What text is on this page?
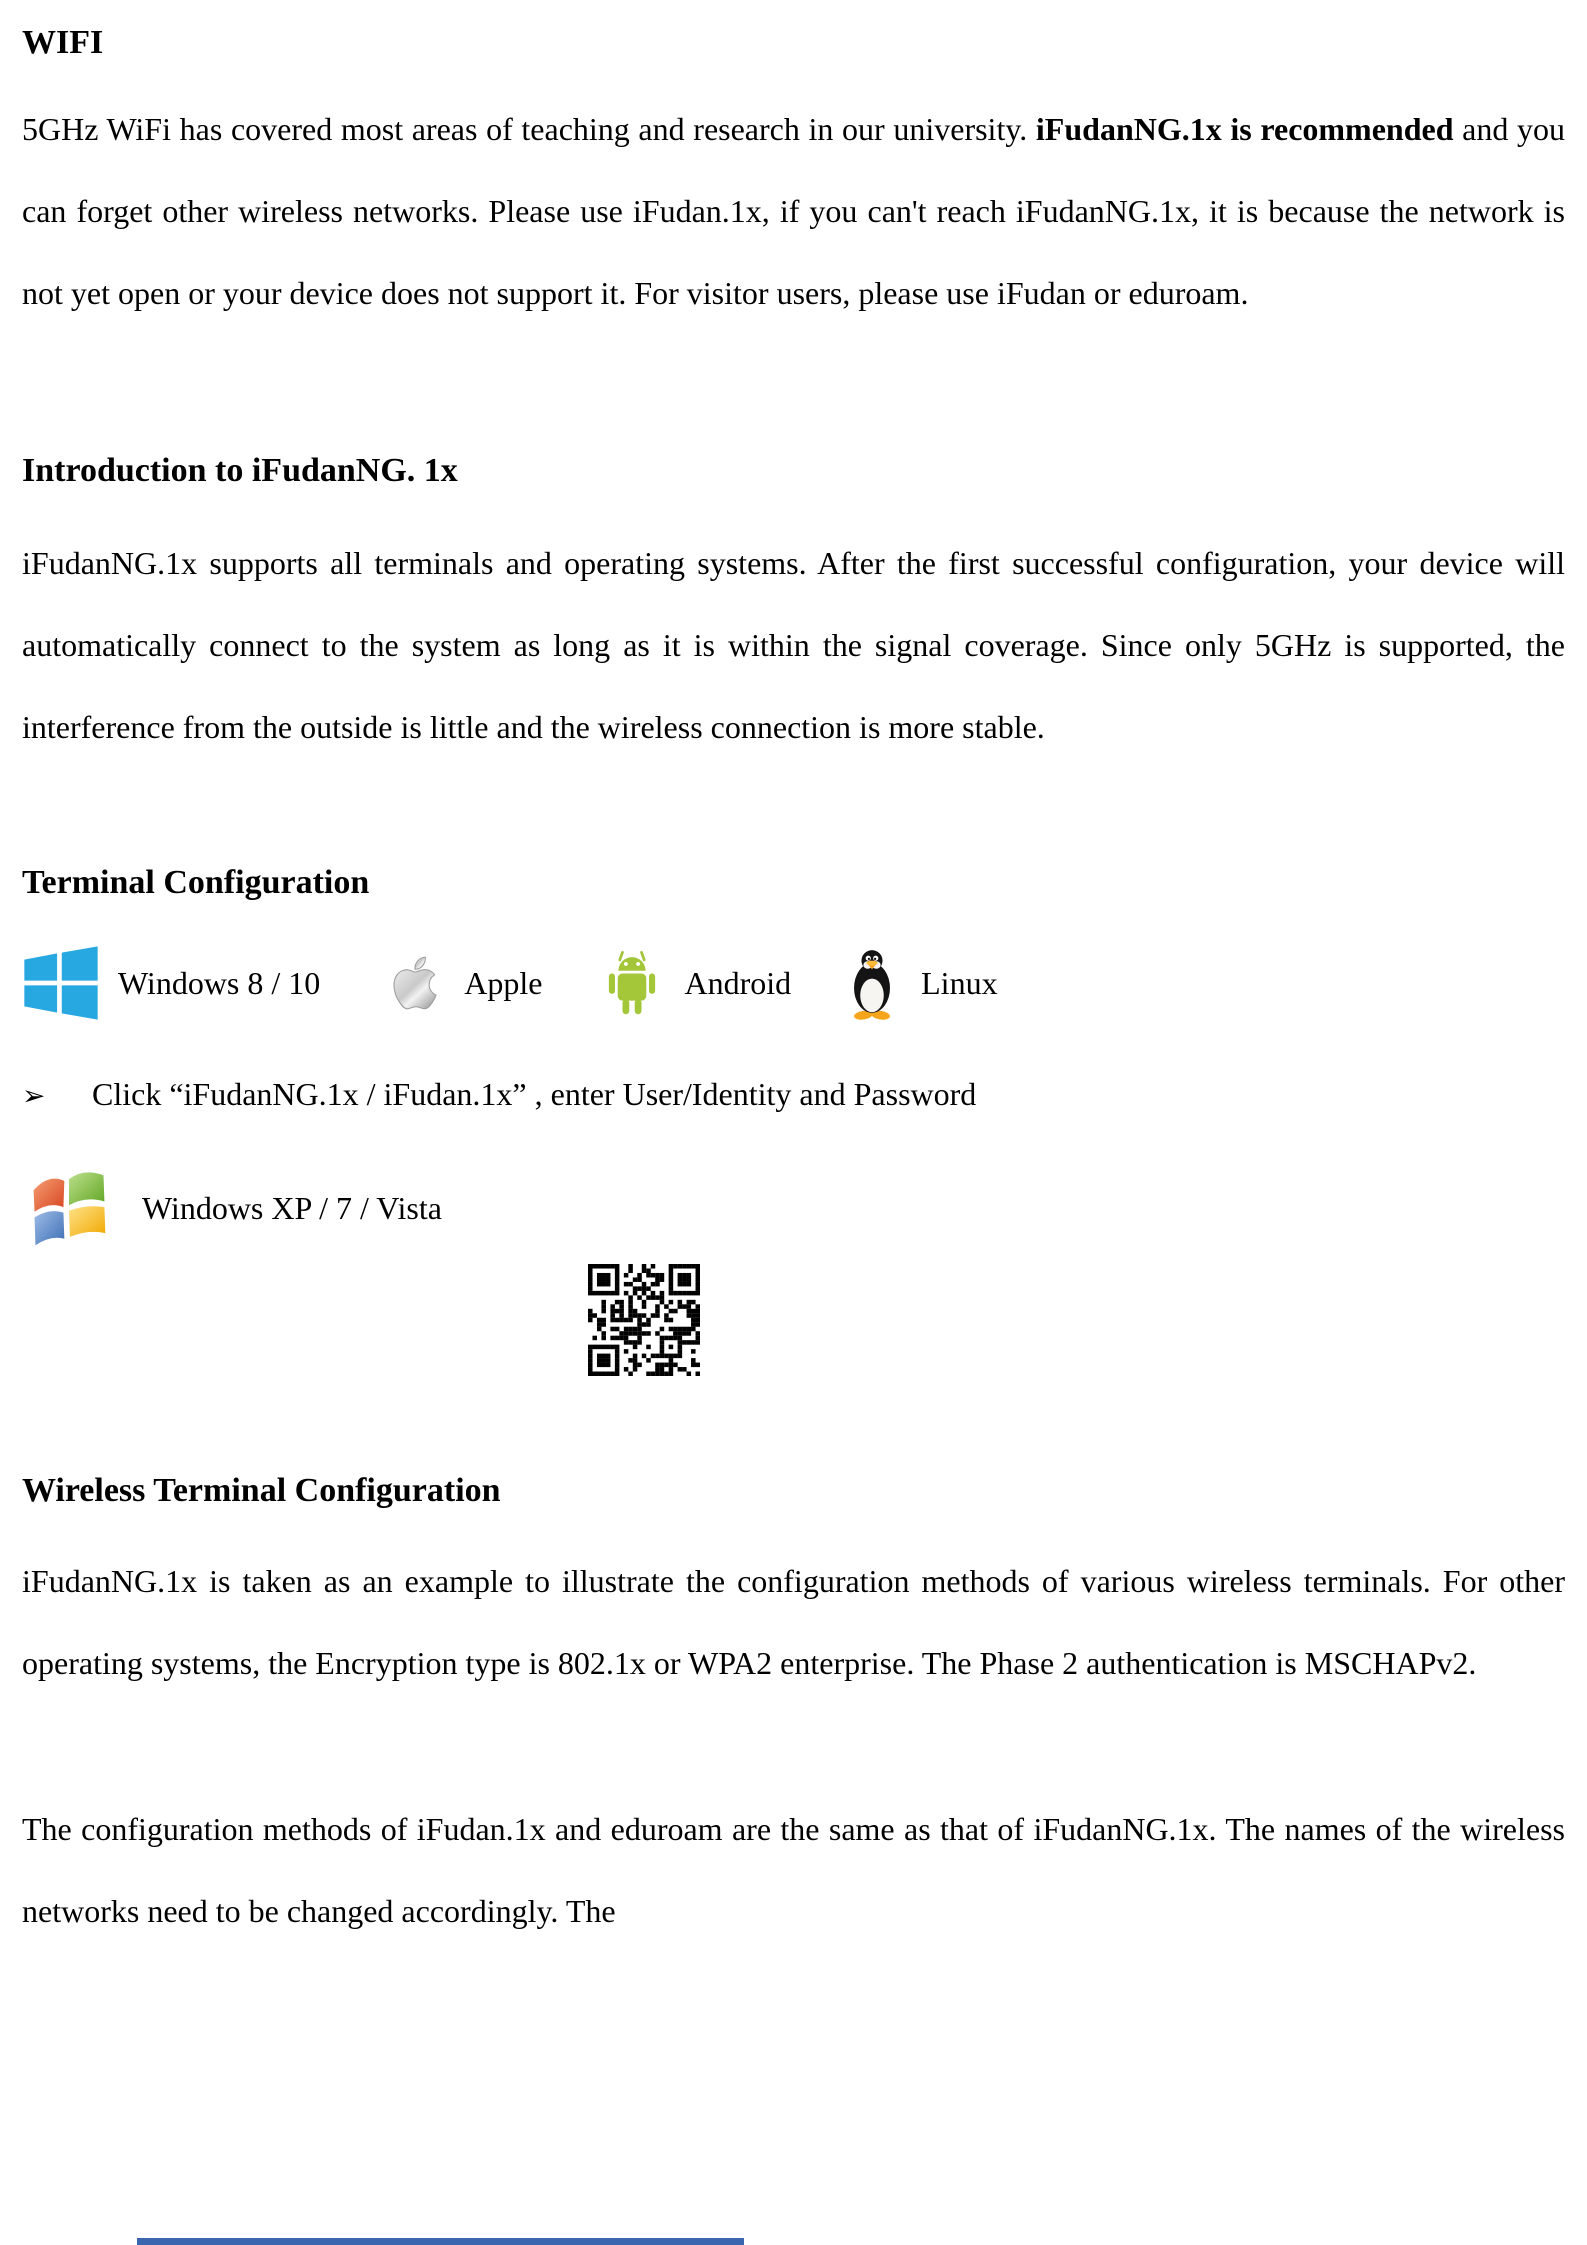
WIFI

5GHz WiFi has covered most areas of teaching and research in our university. iFudanNG.1x is recommended and you can forget other wireless networks. Please use iFudan.1x, if you can't reach iFudanNG.1x, it is because the network is not yet open or your device does not support it. For visitor users, please use iFudan or eduroam.

Introduction to iFudanNG. 1x

iFudanNG.1x supports all terminals and operating systems. After the first successful configuration, your device will automatically connect to the system as long as it is within the signal coverage. Since only 5GHz is supported, the interference from the outside is little and the wireless connection is more stable.

Terminal Configuration
Windows 8 / 10	Apple	Android	Linux
➢	Click “iFudanNG.1x / iFudan.1x” , enter User/Identity and Password
Windows XP / 7 / Vista
Wireless Terminal Configuration

iFudanNG.1x is taken as an example to illustrate the configuration methods of various wireless terminals. For other operating systems, the Encryption type is 802.1x or WPA2 enterprise. The Phase 2 authentication is MSCHAPv2.

The configuration methods of iFudan.1x and eduroam are the same as that of iFudanNG.1x. The names of the wireless networks need to be changed accordingly. The
